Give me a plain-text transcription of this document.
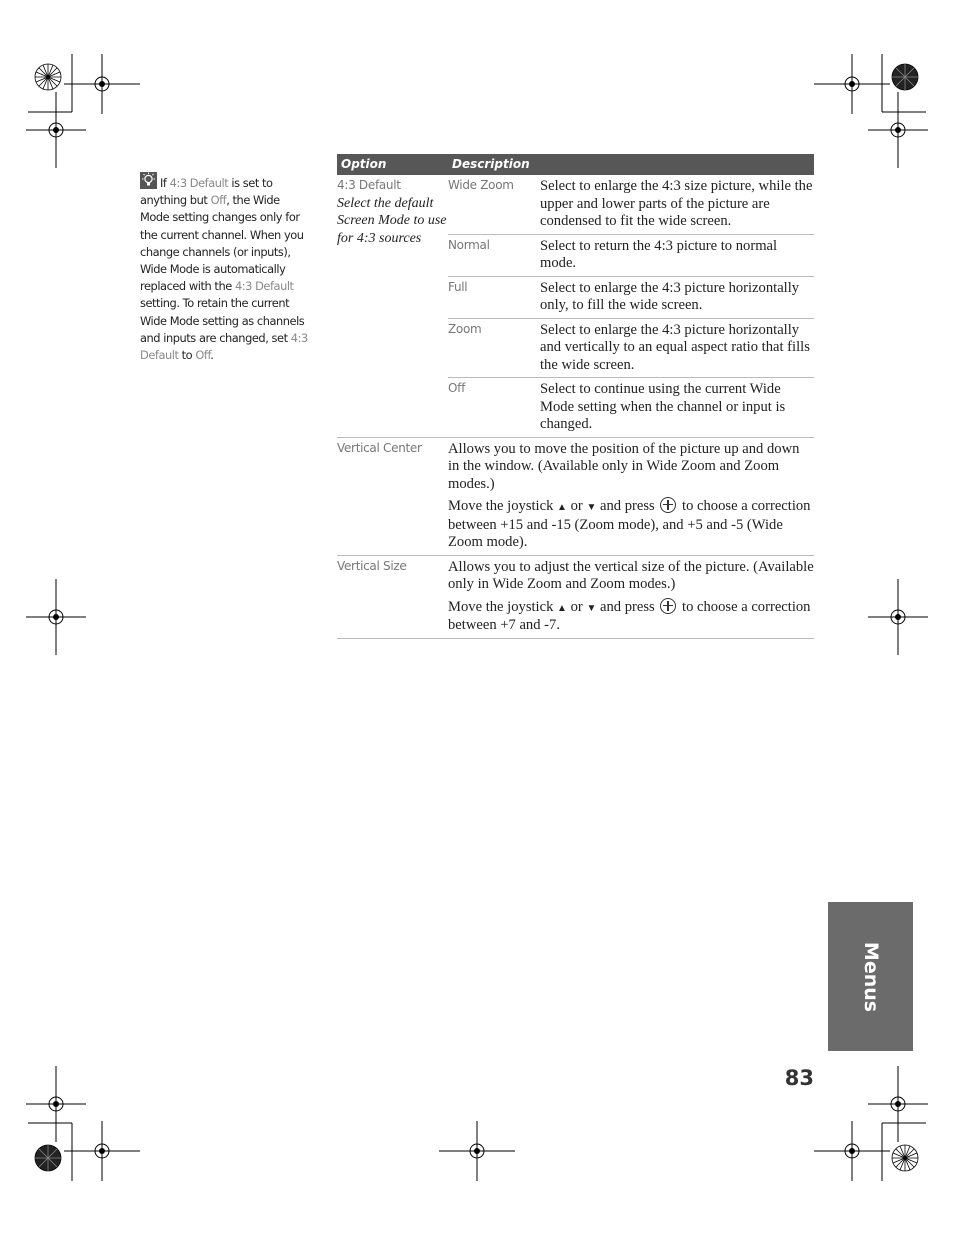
If 4:3 Default is set to anything but Off, the Wide Mode setting changes only for the current channel. When you change channels (or inputs), Wide Mode is automatically replaced with the 4:3 Default setting. To retain the current Wide Mode setting as channels and inputs are changed, set 4:3 Default to Off.
Option	Description
4:3 Default
Select the default Screen Mode to use for 4:3 sources
Wide Zoom	Select to enlarge the 4:3 size picture, while the upper and lower parts of the picture are condensed to fit the wide screen.
Normal	Select to return the 4:3 picture to normal mode.
Full	Select to enlarge the 4:3 picture horizontally only, to fill the wide screen.
Zoom	Select to enlarge the 4:3 picture horizontally and vertically to an equal aspect ratio that fills the wide screen.
Off	Select to continue using the current Wide Mode setting when the channel or input is changed.
Vertical Center	Allows you to move the position of the picture up and down in the window. (Available only in Wide Zoom and Zoom modes.)

Move the joystick ▲ or ▼ and press to choose a correction between +15 and -15 (Zoom mode), and +5 and -5 (Wide Zoom mode).

Vertical Size	Allows you to adjust the vertical size of the picture. (Available only in Wide Zoom and Zoom modes.)

Move the joystick ▲ or ▼ and press to choose a correction between +7 and -7.

Menus
83
